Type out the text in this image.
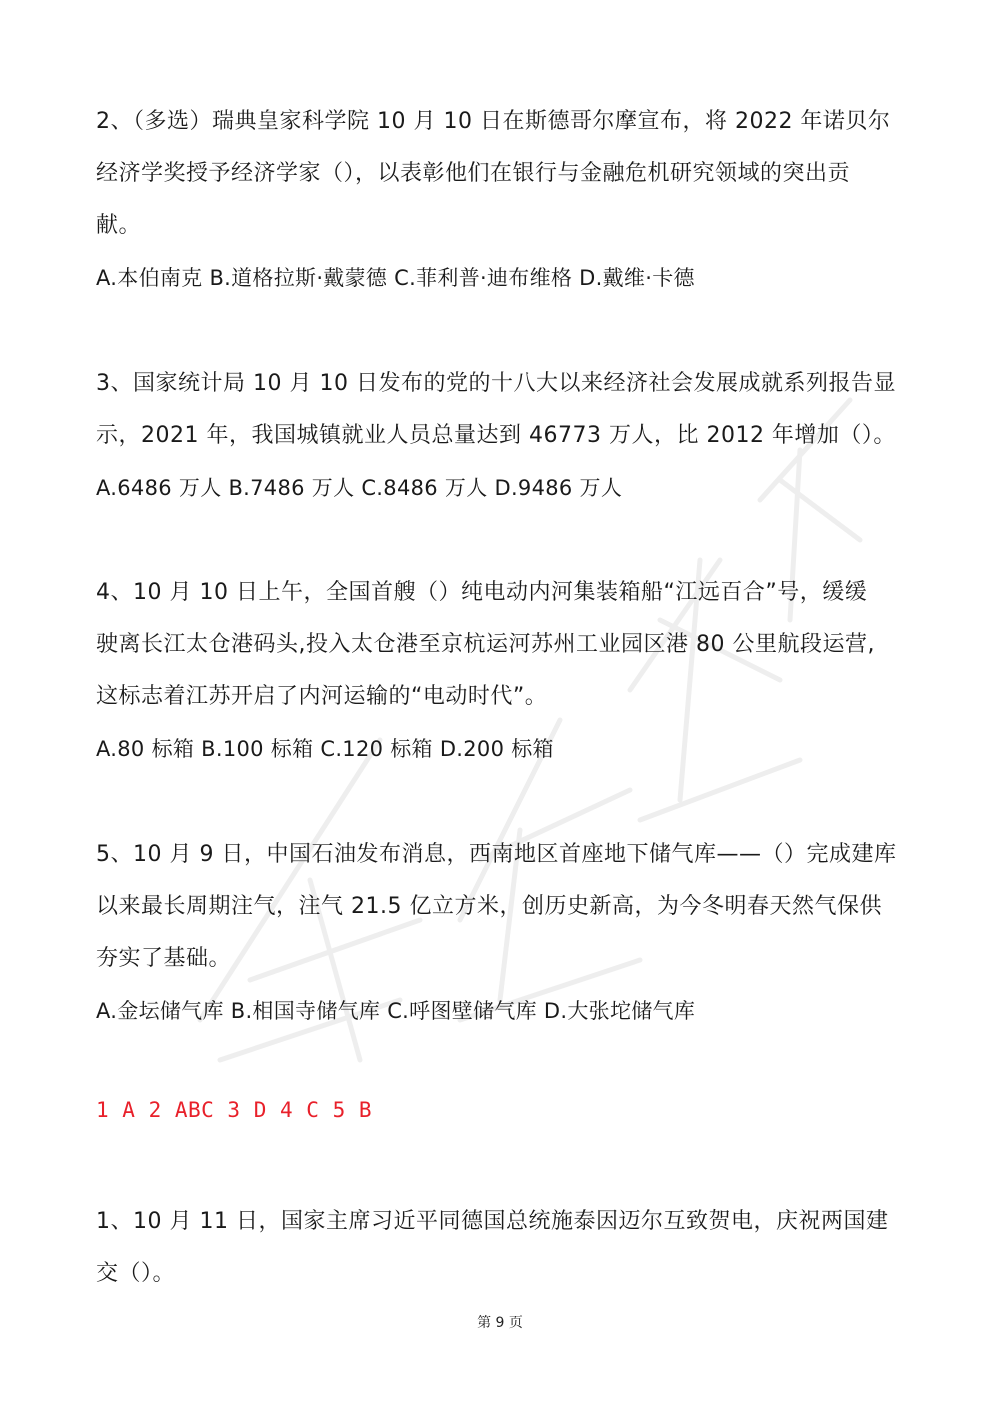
2、（多选）瑞典皇家科学院 10 月 10 日在斯德哥尔摩宣布，将 2022 年诺贝尔

经济学奖授予经济学家（），以表彰他们在银行与金融危机研究领域的突出贡

献。

A.本伯南克 B.道格拉斯·戴蒙德 C.菲利普·迪布维格 D.戴维·卡德

3、国家统计局 10 月 10 日发布的党的十八大以来经济社会发展成就系列报告显

示，2021 年，我国城镇就业人员总量达到 46773 万人，比 2012 年增加（）。

A.6486 万人 B.7486 万人 C.8486 万人 D.9486 万人

4、10 月 10 日上午，全国首艘（）纯电动内河集装箱船“江远百合”号，缓缓

驶离长江太仓港码头,投入太仓港至京杭运河苏州工业园区港 80 公里航段运营,

这标志着江苏开启了内河运输的“电动时代”。

A.80 标箱 B.100 标箱 C.120 标箱 D.200 标箱

5、10 月 9 日，中国石油发布消息，西南地区首座地下储气库——（）完成建库

以来最长周期注气，注气 21.5 亿立方米，创历史新高，为今冬明春天然气保供

夯实了基础。

A.金坛储气库 B.相国寺储气库 C.呼图壁储气库 D.大张坨储气库

1 A 2 ABC 3 D 4 C 5 B

1、10 月 11 日，国家主席习近平同德国总统施泰因迈尔互致贺电，庆祝两国建

交（）。

第 9 页
